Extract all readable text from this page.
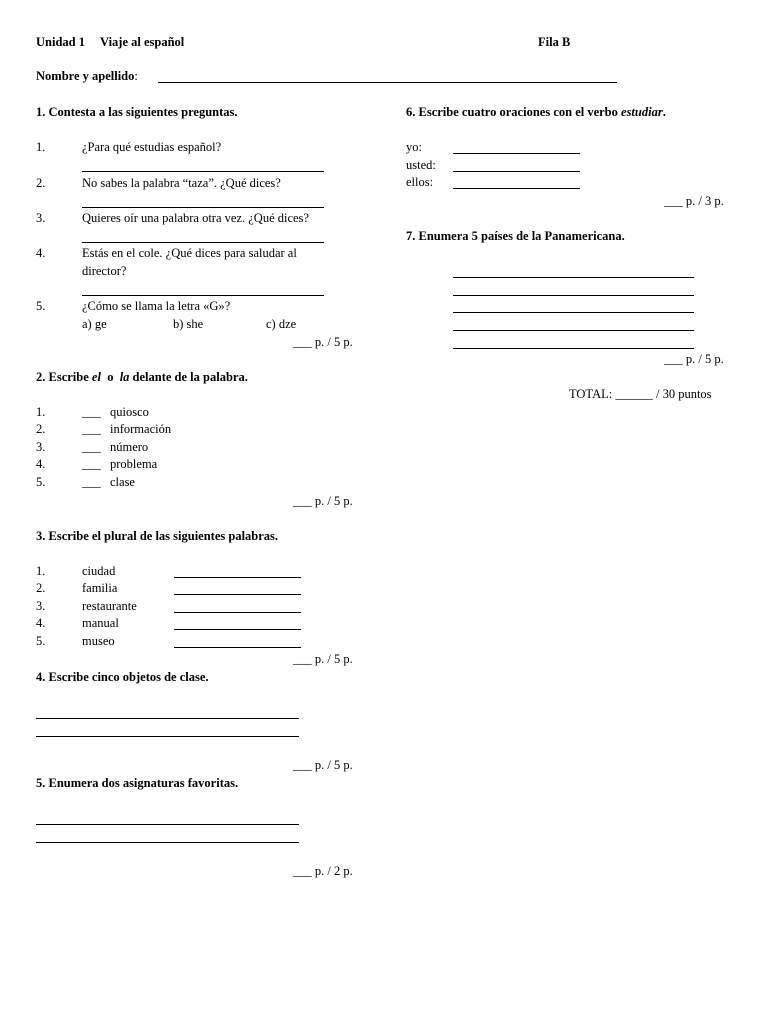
Unidad 1 Viaje al español	Fila B
Nombre y apellido:
1. Contesta a las siguientes preguntas.
1.	¿Para qué estudias español?
2.	No sabes la palabra “taza”. ¿Qué dices?
3.	Quieres oír una palabra otra vez. ¿Qué dices?
4.	Estás en el cole. ¿Qué dices para saludar al
director?
5.	¿Cómo se llama la letra «G»?
a) ge	b) she	c) dze
___ p. / 5 p.
2. Escribe el o la delante de la palabra.
1.	___ quiosco
2.	___ información
3.	___ número
4.	___ problema
5.	___ clase
___ p. / 5 p.
3. Escribe el plural de las siguientes palabras.
1.	ciudad
2.	familia
3.	restaurante
4.	manual
5.	museo
___ p. / 5 p.
4. Escribe cinco objetos de clase.
___ p. / 5 p.
5. Enumera dos asignaturas favoritas.
___ p. / 2 p.
6. Escribe cuatro oraciones con el verbo estudiar.
yo:
usted:
ellos:
___ p. / 3 p.
7. Enumera 5 países de la Panamericana.
___ p. / 5 p.
TOTAL: ______ / 30 puntos
